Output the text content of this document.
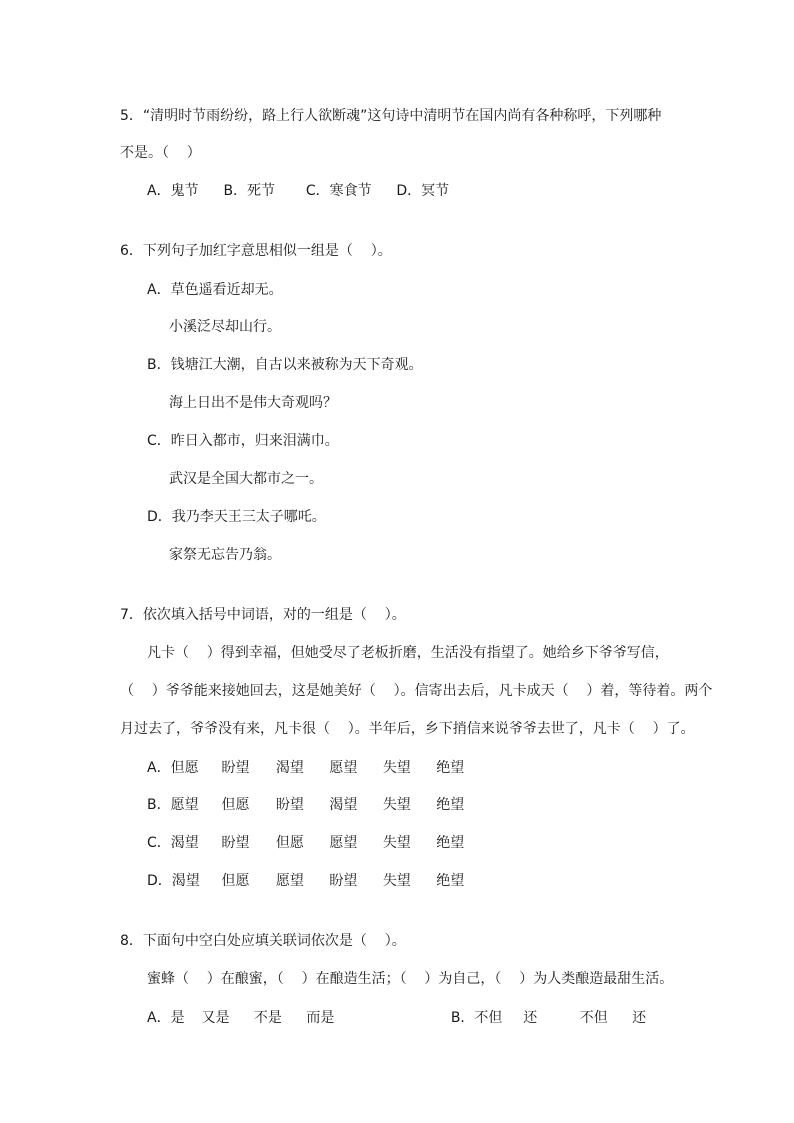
5．“清明时节雨纷纷，路上行人欲断魂”这句诗中清明节在国内尚有各种称呼，下列哪种
不是。（    ）
A．鬼节 B．死节 C．寒食节 D．冥节
6．下列句子加红字意思相似一组是（    ）。
A．草色遥看近却无。
小溪泛尽却山行。
B．钱塘江大潮，自古以来被称为天下奇观。
海上日出不是伟大奇观吗？
C．昨日入都市，归来泪满巾。
武汉是全国大都市之一。
D．我乃李天王三太子哪吒。
家祭无忘告乃翁。
7．依次填入括号中词语，对的一组是（    ）。
凡卡（    ）得到幸福，但她受尽了老板折磨，生活没有指望了。她给乡下爷爷写信，
（    ）爷爷能来接她回去，这是她美好（    ）。信寄出去后，凡卡成天（    ）着，等待着。两个
月过去了，爷爷没有来，凡卡很（    ）。半年后，乡下捎信来说爷爷去世了，凡卡（    ）了。
A．但愿 盼望 渴望 愿望 失望 绝望
B．愿望 但愿 盼望 渴望 失望 绝望
C．渴望 盼望 但愿 愿望 失望 绝望
D．渴望 但愿 愿望 盼望 失望 绝望
8．下面句中空白处应填关联词依次是（    ）。
蜜蜂（    ）在酿蜜，（    ）在酿造生活；（    ）为自己，（    ）为人类酿造最甜生活。
A．是 又是 不是 而是	B．不但 还	不但 还
